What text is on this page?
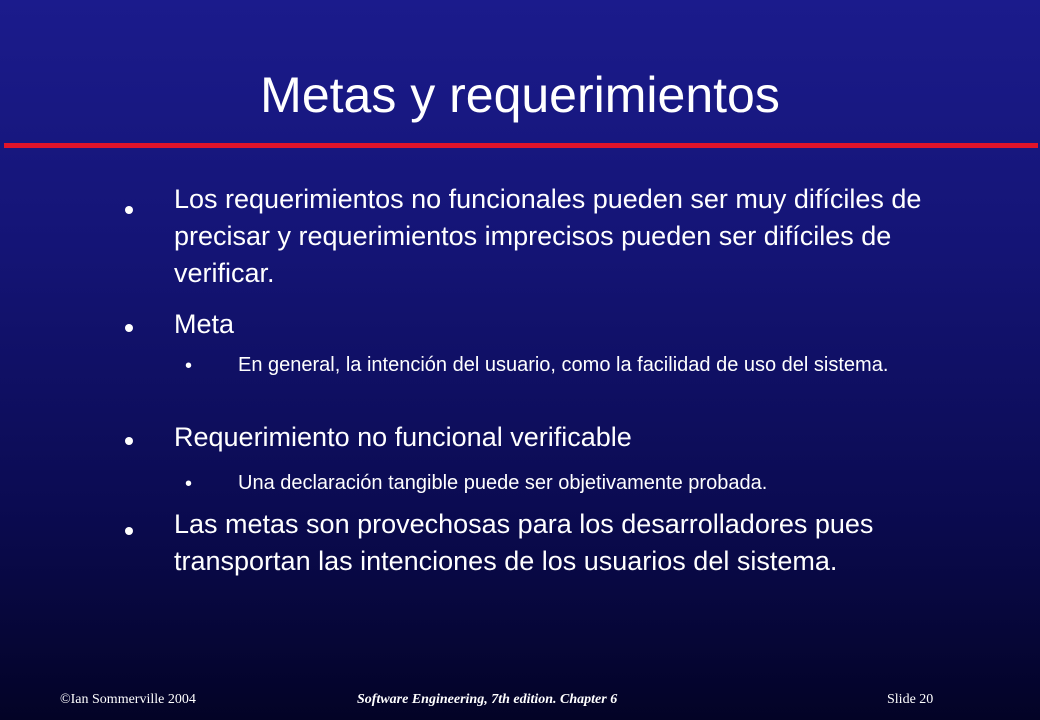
Metas y requerimientos
Los requerimientos no funcionales pueden ser muy difíciles de precisar y requerimientos imprecisos pueden ser difíciles de verificar.
Meta
• En general, la intención del usuario, como la facilidad de uso del sistema.
Requerimiento no funcional verificable
• Una declaración tangible puede ser objetivamente probada.
Las metas son provechosas para los desarrolladores pues transportan las intenciones de los usuarios del sistema.
©Ian Sommerville 2004	Software Engineering, 7th edition. Chapter 6	Slide 20
